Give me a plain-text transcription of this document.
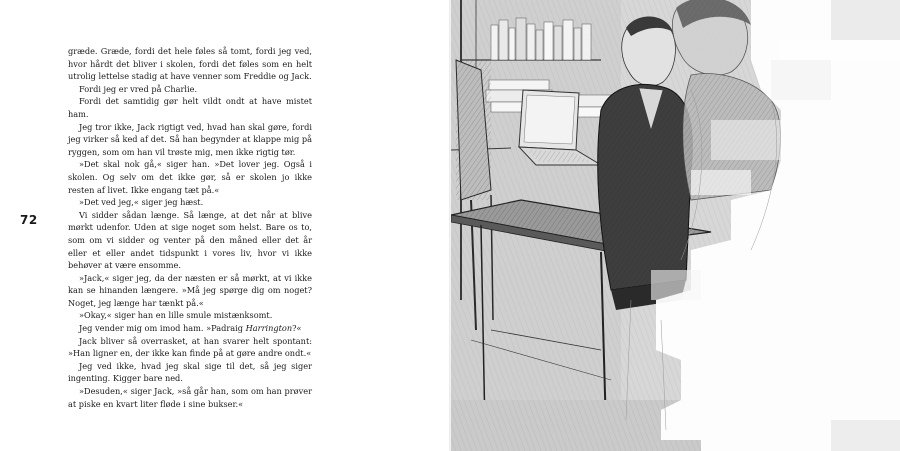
72

græde. Græde, fordi det hele føles så tomt, fordi jeg ved, hvor hårdt det bliver i skolen, fordi det føles som en helt utrolig lettelse stadig at have venner som Freddie og Jack.

Fordi jeg er vred på Charlie.

Fordi det samtidig gør helt vildt ondt at have mistet ham.

Jeg tror ikke, Jack rigtigt ved, hvad han skal gøre, fordi jeg virker så ked af det. Så han begynder at klappe mig på ryggen, som om han vil trøste mig, men ikke rigtig tør.

»Det skal nok gå,« siger han. »Det lover jeg. Også i skolen. Og selv om det ikke gør, så er skolen jo ikke resten af livet. Ikke engang tæt på.«

»Det ved jeg,« siger jeg hæst.

Vi sidder sådan længe. Så længe, at det når at blive mørkt udenfor. Uden at sige noget som helst. Bare os to, som om vi sidder og venter på den måned eller det år eller et eller andet tidspunkt i vores liv, hvor vi ikke behøver at være ensomme.

»Jack,« siger jeg, da der næsten er så mørkt, at vi ikke kan se hinanden længere. »Må jeg spørge dig om noget? Noget, jeg længe har tænkt på.«

»Okay,« siger han en lille smule mistænksomt.

Jeg vender mig om imod ham. »Padraig Harrington?«

Jack bliver så overrasket, at han svarer helt spontant: »Han ligner en, der ikke kan finde på at gøre andre ondt.«

Jeg ved ikke, hvad jeg skal sige til det, så jeg siger ingenting. Kigger bare ned.

»Desuden,« siger Jack, »så går han, som om han prøver at piske en kvart liter fløde i sine bukser.«
